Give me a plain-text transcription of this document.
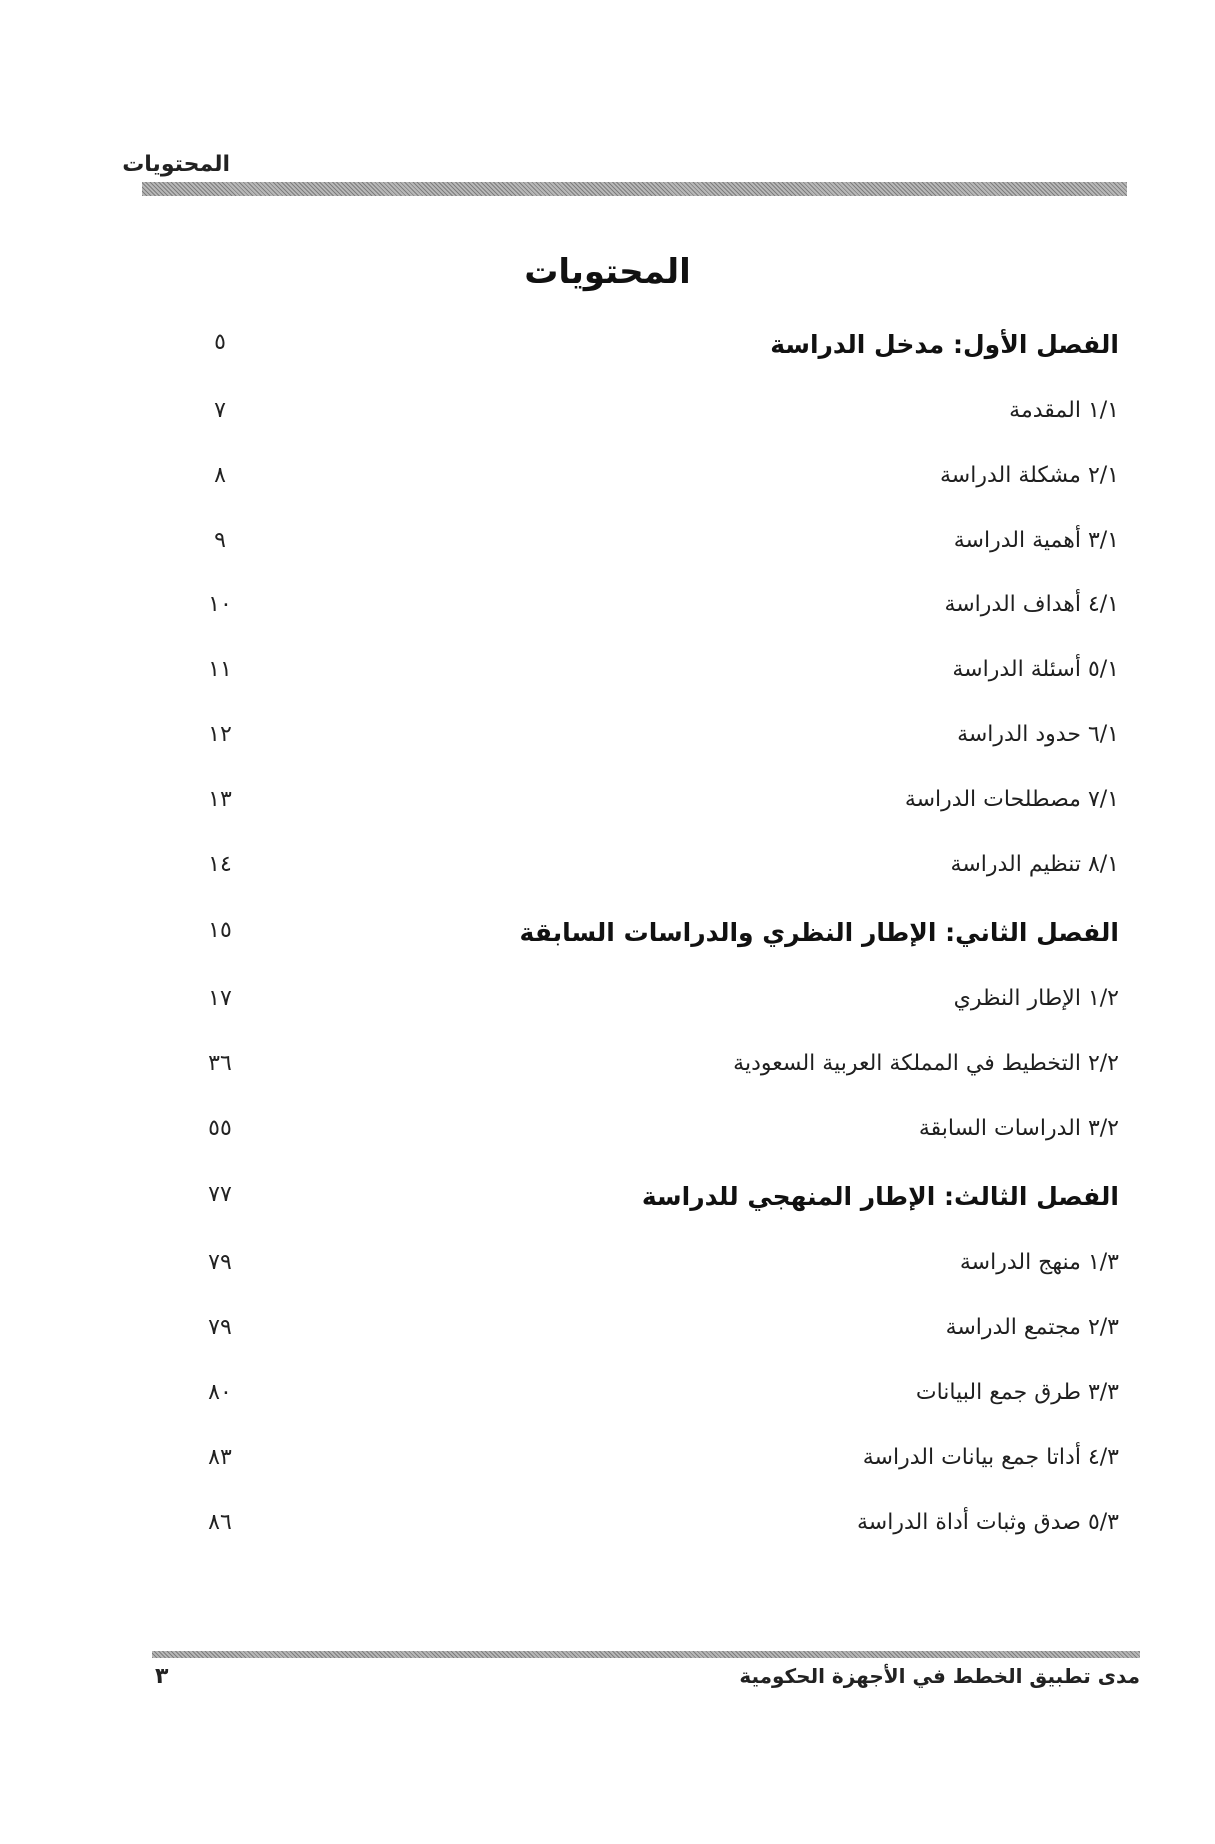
المحتويات
المحتويات
الفصل الأول: مدخل الدراسة
٥
١/١ المقدمة
٧
٢/١ مشكلة الدراسة
٨
٣/١ أهمية الدراسة
٩
٤/١ أهداف الدراسة
١٠
٥/١ أسئلة الدراسة
١١
٦/١ حدود الدراسة
١٢
٧/١ مصطلحات الدراسة
١٣
٨/١ تنظيم الدراسة
١٤
الفصل الثاني: الإطار النظري والدراسات السابقة
١٥
١/٢ الإطار النظري
١٧
٢/٢ التخطيط في المملكة العربية السعودية
٣٦
٣/٢ الدراسات السابقة
٥٥
الفصل الثالث: الإطار المنهجي للدراسة
٧٧
١/٣ منهج الدراسة
٧٩
٢/٣ مجتمع الدراسة
٧٩
٣/٣ طرق جمع البيانات
٨٠
٤/٣ أداتا جمع بيانات الدراسة
٨٣
٥/٣ صدق وثبات أداة الدراسة
٨٦
مدى تطبيق الخطط في الأجهزة الحكومية
٣
